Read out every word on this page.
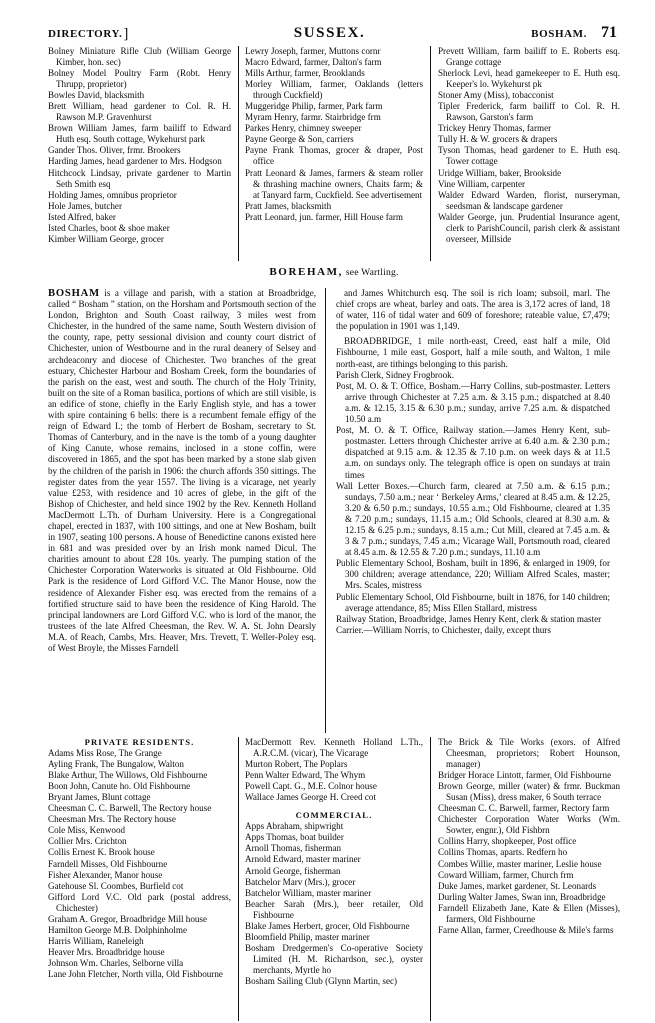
DIRECTORY.]	SUSSEX.	BOSHAM. 71

Bolney Miniature Rifle Club (William George Kimber, hon. sec)

Bolney Model Poultry Farm (Robt. Henry Thrupp, proprietor)

Bowles David, blacksmith

Brett William, head gardener to Col. R. H. Rawson M.P. Gravenhurst

Brown William James, farm bailiff to Edward Huth esq. South cottage, Wykehurst park

Gander Thos. Oliver, frmr. Brookers

Harding James, head gardener to Mrs. Hodgson

Hitchcock Lindsay, private gardener to Martin Seth Smith esq

Holding James, omnibus proprietor

Hole James, butcher

Isted Alfred, baker

Isted Charles, boot & shoe maker

Kimber William George, grocer

Lewry Joseph, farmer, Muttons cornr

Macro Edward, farmer, Dalton's farm

Mills Arthur, farmer, Brooklands

Morley William, farmer, Oaklands (letters through Cuckfield)

Muggeridge Philip, farmer, Park farm

Myram Henry, farmr. Stairbridge frm

Parkes Henry, chimney sweeper

Payne George & Son, carriers

Payne Frank Thomas, grocer & draper, Post office

Pratt Leonard & James, farmers & steam roller & thrashing machine owners, Chaits farm; & at Tanyard farm, Cuckfield. See advertisement

Pratt James, blacksmith

Pratt Leonard, jun. farmer, Hill House farm

Prevett William, farm bailiff to E. Roberts esq. Grange cottage

Sherlock Levi, head gamekeeper to E. Huth esq. Keeper's lo. Wykehurst pk

Stoner Amy (Miss), tobacconist

Tipler Frederick, farm bailiff to Col. R. H. Rawson, Garston's farm

Trickey Henry Thomas, farmer

Tully H. & W. grocers & drapers

Tyson Thomas, head gardener to E. Huth esq. Tower cottage

Uridge William, baker, Brookside

Vine William, carpenter

Walder Edward Warden, florist, nurseryman, seedsman & landscape gardener

Walder George, jun. Prudential Insurance agent, clerk to ParishCouncil, parish clerk & assistant overseer, Millside

BOREHAM, see Wartling.

BOSHAM is a village and parish, with a station at Broadbridge, called “ Bosham ” station, on the Horsham and Portsmouth section of the London, Brighton and South Coast railway, 3 miles west from Chichester, in the hundred of the same name, South Western division of the county, rape, petty sessional division and county court district of Chichester, union of Westbourne and in the rural deanery of Selsey and archdeaconry and diocese of Chichester. Two branches of the great estuary, Chichester Harbour and Bosham Creek, form the boundaries of the parish on the east, west and south. The church of the Holy Trinity, built on the site of a Roman basilica, portions of which are still visible, is an edifice of stone, chiefly in the Early English style, and has a tower with spire containing 6 bells: there is a recumbent female effigy of the reign of Edward I.; the tomb of Herbert de Bosham, secretary to St. Thomas of Canterbury, and in the nave is the tomb of a young daughter of King Canute, whose remains, inclosed in a stone coffin, were discovered in 1865, and the spot has been marked by a stone slab given by the children of the parish in 1906: the church affords 350 sittings. The register dates from the year 1557. The living is a vicarage, net yearly value £253, with residence and 10 acres of glebe, in the gift of the Bishop of Chichester, and held since 1902 by the Rev. Kenneth Holland MacDermott L.Th. of Durham University. Here is a Congregational chapel, erected in 1837, with 100 sittings, and one at New Bosham, built in 1907, seating 100 persons. A house of Benedictine canons existed here in 681 and was presided over by an Irish monk named Dicul. The charities amount to about £28 10s. yearly. The pumping station of the Chichester Corporation Waterworks is situated at Old Fishbourne. Old Park is the residence of Lord Gifford V.C. The Manor House, now the residence of Alexander Fisher esq. was erected from the remains of a fortified structure said to have been the residence of King Harold. The principal landowners are Lord Gifford V.C. who is lord of the manor, the trustees of the late Alfred Cheesman, the Rev. W. A. St. John Dearsly M.A. of Reach, Cambs, Mrs. Heaver, Mrs. Trevett, T. Weller-Poley esq. of West Broyle, the Misses Farndell

and James Whitchurch esq. The soil is rich loam; subsoil, marl. The chief crops are wheat, barley and oats. The area is 3,172 acres of land, 18 of water, 116 of tidal water and 609 of foreshore; rateable value, £7,479; the population in 1901 was 1,149.

BROADBRIDGE, 1 mile north-east, Creed, east half a mile, Old Fishbourne, 1 mile east, Gosport, half a mile south, and Walton, 1 mile north-east, are tithings belonging to this parish.

Parish Clerk, Sidney Frogbrook.

Post, M. O. & T. Office, Bosham.—Harry Collins, sub-postmaster. Letters arrive through Chichester at 7.25 a.m. & 3.15 p.m.; dispatched at 8.40 a.m. & 12.15, 3.15 & 6.30 p.m.; sunday, arrive 7.25 a.m. & dispatched 10.50 a.m

Post, M. O. & T. Office, Railway station.—James Henry Kent, sub-postmaster. Letters through Chichester arrive at 6.40 a.m. & 2.30 p.m.; dispatched at 9.15 a.m. & 12.35 & 7.10 p.m. on week days & at 11.5 a.m. on sundays only. The telegraph office is open on sundays at train times

Wall Letter Boxes.—Church farm, cleared at 7.50 a.m. & 6.15 p.m.; sundays, 7.50 a.m.; near ‘ Berkeley Arms,’ cleared at 8.45 a.m. & 12.25, 3.20 & 6.50 p.m.; sundays, 10.55 a.m.; Old Fishbourne, cleared at 1.35 & 7.20 p.m.; sundays, 11.15 a.m.; Old Schools, cleared at 8.30 a.m. & 12.15 & 6.25 p.m.; sundays, 8.15 a.m.; Cut Mill, cleared at 7.45 a.m. & 3 & 7 p.m.; sundays, 7.45 a.m.; Vicarage Wall, Portsmouth road, cleared at 8.45 a.m. & 12.55 & 7.20 p.m.; sundays, 11.10 a.m

Public Elementary School, Bosham, built in 1896, & enlarged in 1909, for 300 children; average attendance, 220; William Alfred Scales, master; Mrs. Scales, mistress

Public Elementary School, Old Fishbourne, built in 1876, for 140 children; average attendance, 85; Miss Ellen Stallard, mistress

Railway Station, Broadbridge, James Henry Kent, clerk & station master

Carrier.—William Norris, to Chichester, daily, except thurs

PRIVATE RESIDENTS.

Adams Miss Rose, The Grange

Ayling Frank, The Bungalow, Walton

Blake Arthur, The Willows, Old Fishbourne

Boon John, Canute ho. Old Fishbourne

Bryant James, Blunt cottage

Cheesman C. C. Barwell, The Rectory house

Cheesman Mrs. The Rectory house

Cole Miss, Kenwood

Collier Mrs. Crichton

Collis Ernest K. Brook house

Farndell Misses, Old Fishbourne

Fisher Alexander, Manor house

Gatehouse Sl. Coombes, Burfield cot

Gifford Lord V.C. Old park (postal address, Chichester)

Graham A. Gregor, Broadbridge Mill house

Hamilton George M.B. Dolphinholme

Harris William, Raneleigh

Heaver Mrs. Broadbridge house

Johnson Wm. Charles, Selborne villa

Lane John Fletcher, North villa, Old Fishbourne

MacDermott Rev. Kenneth Holland L.Th., A.R.C.M. (vicar), The Vicarage

Murton Robert, The Poplars

Penn Walter Edward, The Whym

Powell Capt. G., M.E. Colnor house

Wallace James George H. Creed cot

COMMERCIAL.

Apps Abraham, shipwright

Apps Thomas, boat builder

Arnoll Thomas, fisherman

Arnold Edward, master mariner

Arnold George, fisherman

Batchelor Marv (Mrs.), grocer

Batchelor William, master mariner

Beacher Sarah (Mrs.), beer retailer, Old Fishbourne

Blake James Herbert, grocer, Old Fishbourne

Bloomfield Philip, master mariner

Bosham Dredgermen's Co-operative Society Limited (H. M. Richardson, sec.), oyster merchants, Myrtle ho

Bosham Sailing Club (Glynn Martin, sec)

The Brick & Tile Works (exors. of Alfred Cheesman, proprietors; Robert Hounson, manager)

Bridger Horace Lintott, farmer, Old Fishbourne

Brown George, miller (water) & frmr. Buckman Susan (Miss), dress maker, 6 South terrace

Cheesman C. C. Barwell, farmer, Rectory farm

Chichester Corporation Water Works (Wm. Sowter, engnr.), Old Fishbrn

Collins Harry, shopkeeper, Post office

Collins Thomas, aparts. Redfern ho

Combes Willie, master mariner, Leslie house

Coward William, farmer, Church frm

Duke James, market gardener, St. Leonards

Durling Walter James, Swan inn, Broadbridge

Farndell Elizabeth Jane, Kate & Ellen (Misses), farmers, Old Fishbourne

Farne Allan, farmer, Creedhouse & Mile's farms
